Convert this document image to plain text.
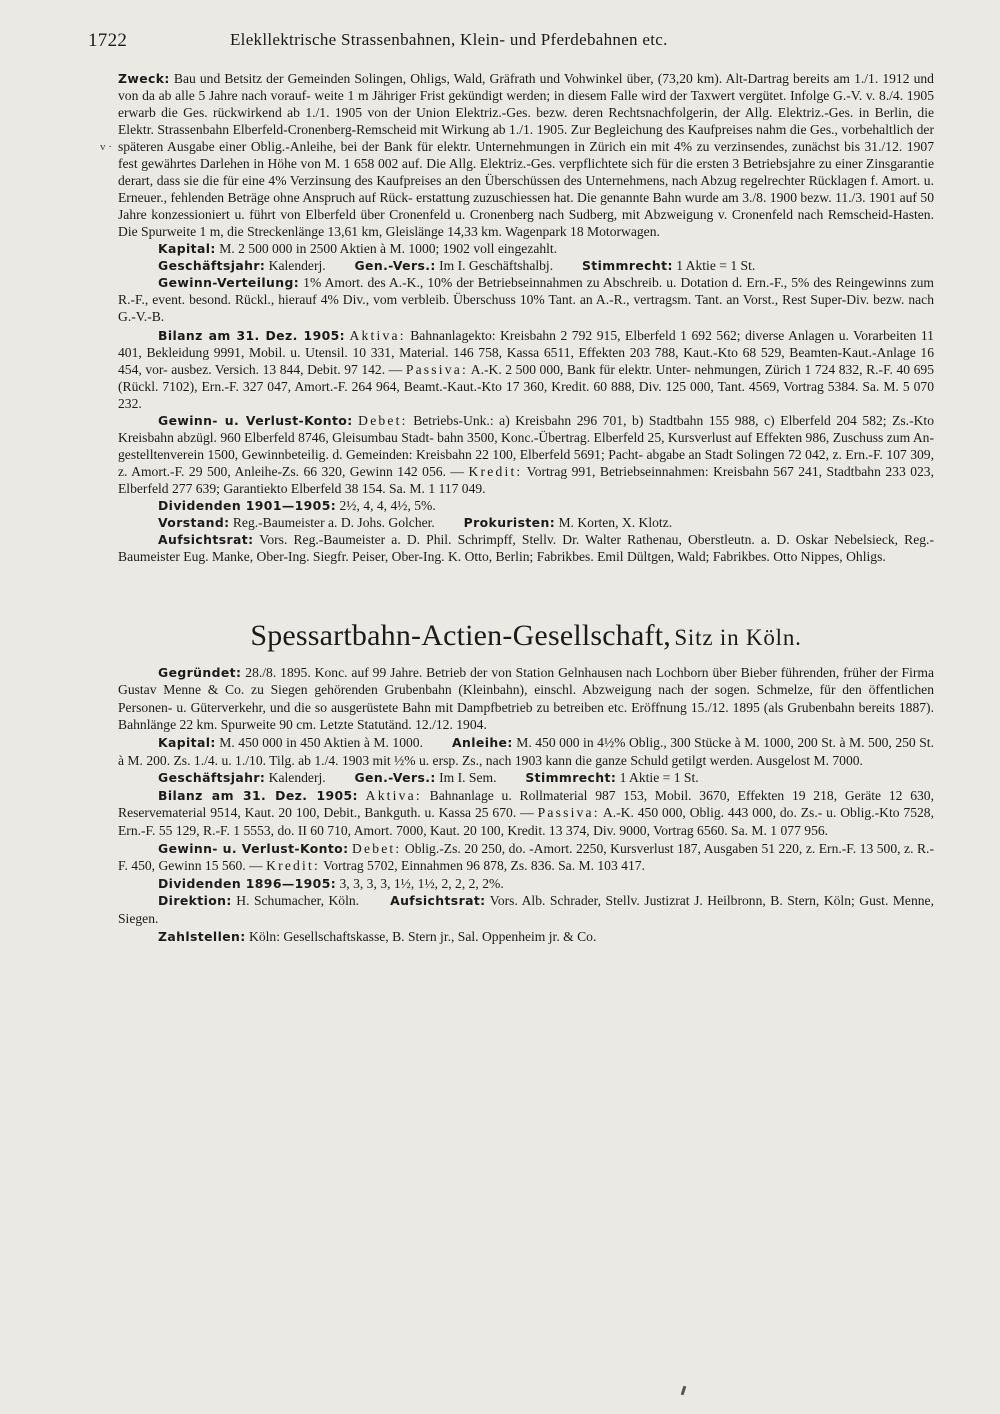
1722	Elekllektrische Strassenbahnen, Klein- und Pferdebahnen etc.
v ·

Zweck: Bau und Betsitz der Gemeinden Solingen, Ohligs, Wald, Gräfrath und Vohwinkel über, (73,20 km). Alt-Dartrag bereits am 1./1. 1912 und von da ab alle 5 Jahre nach vorauf- weite 1 m Jähriger Frist gekündigt werden; in diesem Falle wird der Taxwert vergütet. Infolge G.-V. v. 8./4. 1905 erwarb die Ges. rückwirkend ab 1./1. 1905 von der Union Elektriz.-Ges. bezw. deren Rechtsnachfolgerin, der Allg. Elektriz.-Ges. in Berlin, die Elektr. Strassenbahn Elberfeld-Cronenberg-Remscheid mit Wirkung ab 1./1. 1905. Zur Begleichung des Kaufpreises nahm die Ges., vorbehaltlich der späteren Ausgabe einer Oblig.-Anleihe, bei der Bank für elektr. Unternehmungen in Zürich ein mit 4% zu verzinsendes, zunächst bis 31./12. 1907 fest gewährtes Darlehen in Höhe von M. 1 658 002 auf. Die Allg. Elektriz.-Ges. verpflichtete sich für die ersten 3 Betriebsjahre zu einer Zinsgarantie derart, dass sie die für eine 4% Verzinsung des Kaufpreises an den Überschüssen des Unternehmens, nach Abzug regelrechter Rücklagen f. Amort. u. Erneuer., fehlenden Beträge ohne Anspruch auf Rück- erstattung zuzuschiessen hat. Die genannte Bahn wurde am 3./8. 1900 bezw. 11./3. 1901 auf 50 Jahre konzessioniert u. führt von Elberfeld über Cronenfeld u. Cronenberg nach Sudberg, mit Abzweigung v. Cronenfeld nach Remscheid-Hasten. Die Spurweite 1 m, die Streckenlänge 13,61 km, Gleislänge 14,33 km. Wagenpark 18 Motorwagen.

Kapital: M. 2 500 000 in 2500 Aktien à M. 1000; 1902 voll eingezahlt.

Geschäftsjahr: Kalenderj. Gen.-Vers.: Im I. Geschäftshalbj. Stimmrecht: 1 Aktie = 1 St.

Gewinn-Verteilung: 1% Amort. des A.-K., 10% der Betriebseinnahmen zu Abschreib. u. Dotation d. Ern.-F., 5% des Reingewinns zum R.-F., event. besond. Rückl., hierauf 4% Div., vom verbleib. Überschuss 10% Tant. an A.-R., vertragsm. Tant. an Vorst., Rest Super-Div. bezw. nach G.-V.-B.

Bilanz am 31. Dez. 1905: Aktiva: Bahnanlagekto: Kreisbahn 2 792 915, Elberfeld 1 692 562; diverse Anlagen u. Vorarbeiten 11 401, Bekleidung 9991, Mobil. u. Utensil. 10 331, Material. 146 758, Kassa 6511, Effekten 203 788, Kaut.-Kto 68 529, Beamten-Kaut.-Anlage 16 454, vor- ausbez. Versich. 13 844, Debit. 97 142. — Passiva: A.-K. 2 500 000, Bank für elektr. Unter- nehmungen, Zürich 1 724 832, R.-F. 40 695 (Rückl. 7102), Ern.-F. 327 047, Amort.-F. 264 964, Beamt.-Kaut.-Kto 17 360, Kredit. 60 888, Div. 125 000, Tant. 4569, Vortrag 5384. Sa. M. 5 070 232.

Gewinn- u. Verlust-Konto: Debet: Betriebs-Unk.: a) Kreisbahn 296 701, b) Stadtbahn 155 988, c) Elberfeld 204 582; Zs.-Kto Kreisbahn abzügl. 960 Elberfeld 8746, Gleisumbau Stadt- bahn 3500, Konc.-Übertrag. Elberfeld 25, Kursverlust auf Effekten 986, Zuschuss zum An- gestelltenverein 1500, Gewinnbeteilig. d. Gemeinden: Kreisbahn 22 100, Elberfeld 5691; Pacht- abgabe an Stadt Solingen 72 042, z. Ern.-F. 107 309, z. Amort.-F. 29 500, Anleihe-Zs. 66 320, Gewinn 142 056. — Kredit: Vortrag 991, Betriebseinnahmen: Kreisbahn 567 241, Stadtbahn 233 023, Elberfeld 277 639; Garantiekto Elberfeld 38 154. Sa. M. 1 117 049.

Dividenden 1901—1905: 2½, 4, 4, 4½, 5%.

Vorstand: Reg.-Baumeister a. D. Johs. Golcher. Prokuristen: M. Korten, X. Klotz.

Aufsichtsrat: Vors. Reg.-Baumeister a. D. Phil. Schrimpff, Stellv. Dr. Walter Rathenau, Oberstleutn. a. D. Oskar Nebelsieck, Reg.-Baumeister Eug. Manke, Ober-Ing. Siegfr. Peiser, Ober-Ing. K. Otto, Berlin; Fabrikbes. Emil Dültgen, Wald; Fabrikbes. Otto Nippes, Ohligs.

Spessartbahn-Actien-Gesellschaft, Sitz in Köln.

Gegründet: 28./8. 1895. Konc. auf 99 Jahre. Betrieb der von Station Gelnhausen nach Lochborn über Bieber führenden, früher der Firma Gustav Menne & Co. zu Siegen gehörenden Grubenbahn (Kleinbahn), einschl. Abzweigung nach der sogen. Schmelze, für den öffentlichen Personen- u. Güterverkehr, und die so ausgerüstete Bahn mit Dampfbetrieb zu betreiben etc. Eröffnung 15./12. 1895 (als Grubenbahn bereits 1887). Bahnlänge 22 km. Spurweite 90 cm. Letzte Statutänd. 12./12. 1904.

Kapital: M. 450 000 in 450 Aktien à M. 1000. Anleihe: M. 450 000 in 4½% Oblig., 300 Stücke à M. 1000, 200 St. à M. 500, 250 St. à M. 200. Zs. 1./4. u. 1./10. Tilg. ab 1./4. 1903 mit ½% u. ersp. Zs., nach 1903 kann die ganze Schuld getilgt werden. Ausgelost M. 7000.

Geschäftsjahr: Kalenderj. Gen.-Vers.: Im I. Sem. Stimmrecht: 1 Aktie = 1 St.

Bilanz am 31. Dez. 1905: Aktiva: Bahnanlage u. Rollmaterial 987 153, Mobil. 3670, Effekten 19 218, Geräte 12 630, Reservematerial 9514, Kaut. 20 100, Debit., Bankguth. u. Kassa 25 670. — Passiva: A.-K. 450 000, Oblig. 443 000, do. Zs.- u. Oblig.-Kto 7528, Ern.-F. 55 129, R.-F. 1 5553, do. II 60 710, Amort. 7000, Kaut. 20 100, Kredit. 13 374, Div. 9000, Vortrag 6560. Sa. M. 1 077 956.

Gewinn- u. Verlust-Konto: Debet: Oblig.-Zs. 20 250, do. -Amort. 2250, Kursverlust 187, Ausgaben 51 220, z. Ern.-F. 13 500, z. R.-F. 450, Gewinn 15 560. — Kredit: Vortrag 5702, Einnahmen 96 878, Zs. 836. Sa. M. 103 417.

Dividenden 1896—1905: 3, 3, 3, 3, 1½, 1½, 2, 2, 2, 2%.

Direktion: H. Schumacher, Köln.	Aufsichtsrat: Vors. Alb. Schrader, Stellv. Justizrat J. Heilbronn, B. Stern, Köln; Gust. Menne, Siegen.

Zahlstellen: Köln: Gesellschaftskasse, B. Stern jr., Sal. Oppenheim jr. & Co.
